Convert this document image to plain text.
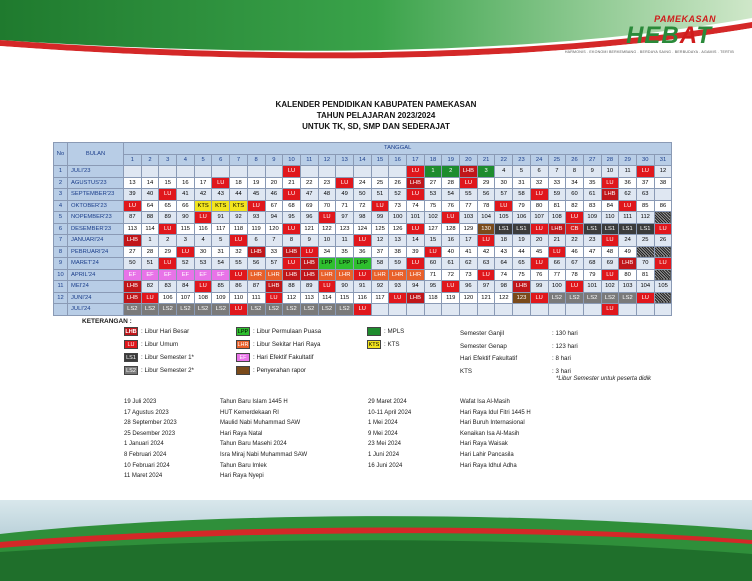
PAMEKASAN
HEBAT
HARMONIS . EKONOMI BERKEMBANG . BERDAYA SAING . BERBUDAYA . AGAMIS . TERTIB
KALENDER PENDIDIKAN KABUPATEN PAMEKASAN
TAHUN PELAJARAN 2023/2024
UNTUK TK, SD, SMP DAN SEDERAJAT
No	BULAN	TANGGAL																														
		1	2	3	4	5	6	7	8	9	10	11	12	13	14	15	16	17	18	19	20	21	22	23	24	25	26	27	28	29	30	31
1	JULI'23										LU							LU	1	2	LHB	3	4	5	6	7	8	9	10	11	LU	12
2	AGUSTUS'23	13	14	15	16	17	LU	18	19	20	21	22	23	LU	24	25	26	LHB	27	28	LU	29	30	31	32	33	34	35	LU	36	37	38
3	SEPTEMBER'23	39	40	LU	41	42	43	44	45	46	LU	47	48	49	50	51	52	LU	53	54	55	56	57	58	LU	59	60	61	LHB	62	63	
4	OKTOBER'23	LU	64	65	66	KTS	KTS	KTS	LU	67	68	69	70	71	72	LU	73	74	75	76	77	78	LU	79	80	81	82	83	84	LU	85	86
5	NOPEMBER'23	87	88	89	90	LU	91	92	93	94	95	96	LU	97	98	99	100	101	102	LU	103	104	105	106	107	108	LU	109	110	111	112	
6	DESEMBER'23	113	114	LU	115	116	117	118	119	120	LU	121	122	123	124	125	126	LU	127	128	129	130	LS1	LS1	LU	LHB	CB	LS1	LS1	LS1	LS1	LU
7	JANUARI'24	LHB	1	2	3	4	5	LU	6	7	8	9	10	11	LU	12	13	14	15	16	17	LU	18	19	20	21	22	23	LU	24	25	26
8	PEBRUARI'24	27	28	29	LU	30	31	32	LHB	33	LHB	LU	34	35	36	37	38	39	LU	40	41	42	43	44	45	LU	46	47	48	49		
9	MARET'24	50	51	LU	52	53	54	55	56	57	LU	LHB	LPP	LPP	LPP	58	59	LU	60	61	62	63	64	65	LU	66	67	68	69	LHB	70	LU
10	APRIL'24	EF	EF	EF	EF	EF	EF	LU	LHR	LHR	LHB	LHB	LHR	LHR	LU	LHR	LHR	LHR	71	72	73	LU	74	75	76	77	78	79	LU	80	81	
11	MEI'24	LHB	82	83	84	LU	85	86	87	LHB	88	89	LU	90	91	92	93	94	95	LU	96	97	98	LHB	99	100	LU	101	102	103	104	105
12	JUNI'24	LHB	LU	106	107	108	109	110	111	LU	112	113	114	115	116	117	LU	LHB	118	119	120	121	122	123	LU	LS2	LS2	LS2	LS2	LS2	LU	
	JULI'24	LS2	LS2	LS2	LS2	LS2	LS2	LU	LS2	LS2	LS2	LS2	LS2	LS2	LU														LU			
KETERANGAN :
LHB : Libur Hari Besar
LU	: Libur Umum
LS1 : Libur Semester 1*
LS2 : Libur Semester 2*
LPP : Libur Permulaan Puasa
LHR : Libur Sekitar Hari Raya
EF	: Hari Efektif Fakultatif
: Penyerahan rapor
: MPLS
KTS : KTS
Semester Ganjil	: 130 hari
Semester Genap	: 123 hari
Hari Efektif Fakultatif	: 8 hari
KTS	: 3 hari
*Libur Semester untuk peserta didik
19 Juli 2023	Tahun Baru Islam 1445 H	29 Maret 2024	Wafat Isa Al-Masih
17 Agustus 2023	HUT Kemerdekaan RI	10-11 April 2024	Hari Raya Idul Fitri 1445 H
28 September 2023	Maulid Nabi Muhammad SAW	1 Mei 2024	Hari Buruh Internasional
25 Desember 2023	Hari Raya Natal	9 Mei 2024	Kenaikan Isa Al-Masih
1 Januari 2024	Tahun Baru Masehi 2024	23 Mei 2024	Hari Raya Waisak
8 Februari 2024	Isra Miraj Nabi Muhammad SAW	1 Juni 2024	Hari Lahir Pancasila
10 Februari 2024	Tahun Baru Imlek	16 Juni 2024	Hari Raya Idhul Adha
11 Maret 2024	Hari Raya Nyepi
